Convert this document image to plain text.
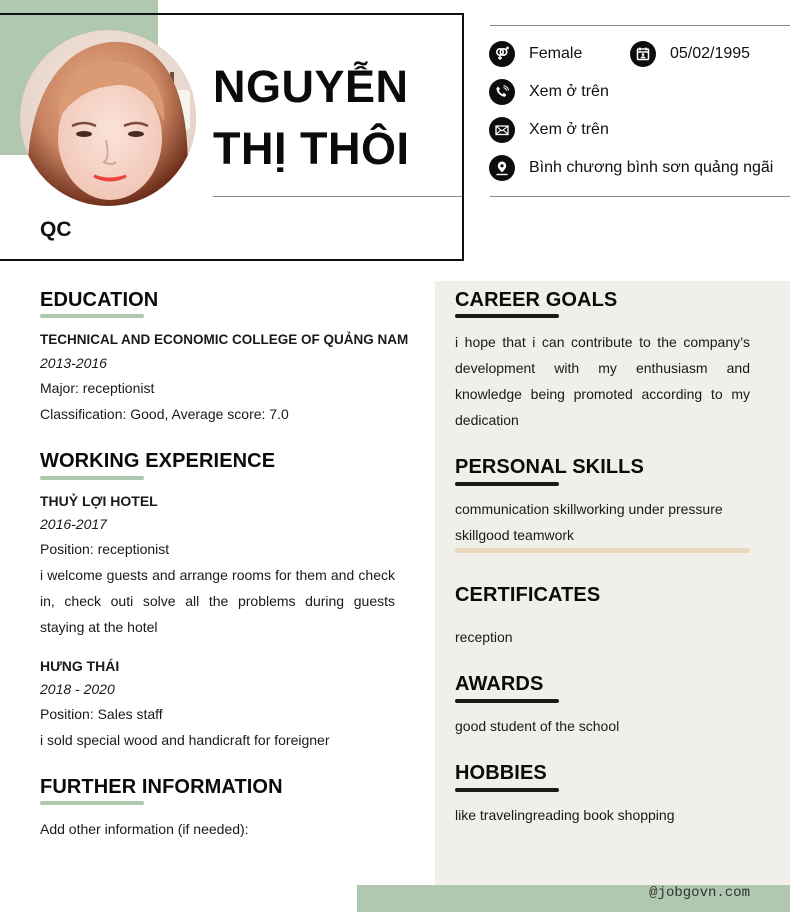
NGUYỄN
THỊ THÔI
QC
Female	05/02/1995
Xem ở trên
Xem ở trên
Bình chương bình sơn quảng ngãi
EDUCATION
TECHNICAL AND ECONOMIC COLLEGE OF QUẢNG NAM
2013-2016
Major: receptionist
Classification: Good, Average score: 7.0
WORKING EXPERIENCE
THUỶ LỢI HOTEL
2016-2017
Position: receptionist
i welcome guests and arrange rooms for them and check in, check outi solve all the problems during guests staying at the hotel
HƯNG THÁI
2018 - 2020
Position: Sales staff
i sold special wood and handicraft for foreigner
FURTHER INFORMATION
Add other information (if needed):
CAREER GOALS
i hope that i can contribute to the company’s development with my enthusiasm and knowledge being promoted according to my dedication
PERSONAL SKILLS
communication skillworking under pressure skillgood teamwork
CERTIFICATES
reception
AWARDS
good student of the school
HOBBIES
like travelingreading book shopping
@jobgovn.com
